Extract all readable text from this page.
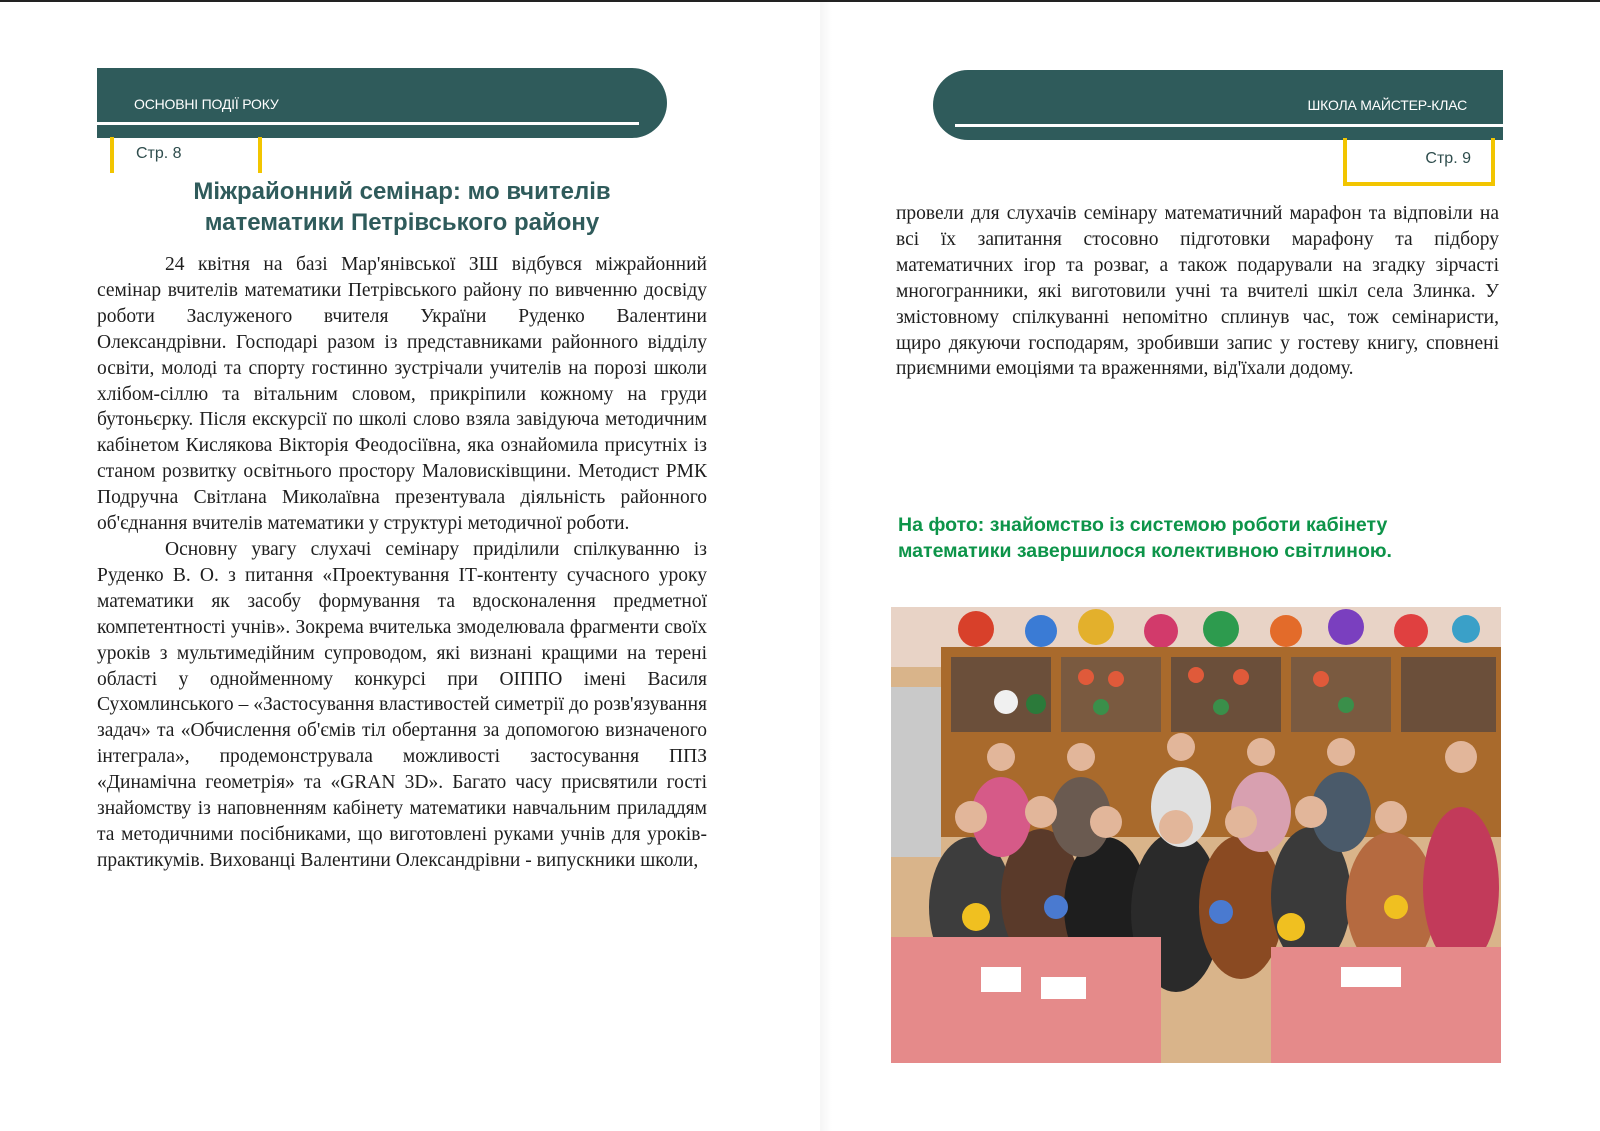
ОСНОВНІ ПОДІЇ РОКУ
Стр. 8
Міжрайонний семінар: мо вчителів
математики Петрівського району

24 квітня на базі Мар'янівської ЗШ відбувся міжрайонний семінар вчителів математики Петрівського району по вивченню досвіду роботи Заслуженого вчителя України Руденко Валентини Олександрівни. Господарі разом із представниками районного відділу освіти, молоді та спорту гостинно зустрічали учителів на порозі школи хлібом-сіллю та вітальним словом, прикріпили кожному на груди бутоньєрку. Після екскурсії по школі слово взяла завідуюча методичним кабінетом Кислякова Вікторія Феодосіївна, яка ознайомила присутніх із станом розвитку освітнього простору Маловисківщини. Методист РМК Подручна Світлана Миколаївна презентувала діяльність районного об'єднання вчителів математики у структурі методичної роботи.

Основну увагу слухачі семінару приділили спілкуванню із Руденко В. О. з питання «Проектування ІТ-контенту сучасного уроку математики як засобу формування та вдосконалення предметної компетентності учнів». Зокрема вчителька змоделювала фрагменти своїх уроків з мультимедійним супроводом, які визнані кращими на терені області у однойменному конкурсі при ОІППО імені Василя Сухомлинського – «Застосування властивостей симетрії до розв'язування задач» та «Обчислення об'ємів тіл обертання за допомогою визначеного інтеграла», продемонструвала можливості застосування ППЗ «Динамічна геометрія» та «GRAN 3D». Багато часу присвятили гості знайомству із наповненням кабінету математики навчальним приладдям та методичними посібниками, що виготовлені руками учнів для уроків-практикумів. Вихованці Валентини Олександрівни - випускники школи,

ШКОЛА МАЙСТЕР-КЛАС
Стр. 9

провели для слухачів семінару математичний марафон та відповіли на всі їх запитання стосовно підготовки марафону та підбору математичних ігор та розваг, а також подарували на згадку зірчасті многогранники, які виготовили учні та вчителі шкіл села Злинка. У змістовному спілкуванні непомітно сплинув час, тож семінаристи, щиро дякуючи господарям, зробивши запис у гостеву книгу, сповнені приємними емоціями та враженнями, від'їхали додому.

На фото: знайомство із системою роботи кабінету
математики завершилося колективною світлиною.
